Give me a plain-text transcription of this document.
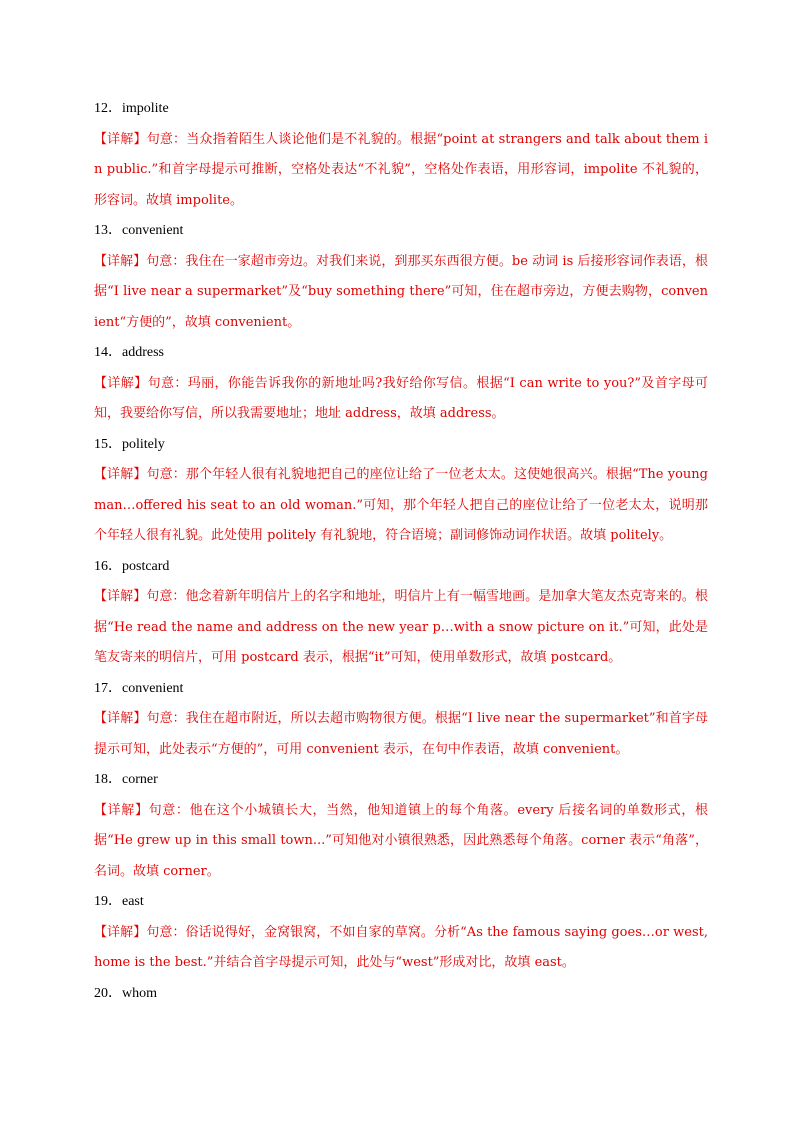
12．impolite

【详解】句意：当众指着陌生人谈论他们是不礼貌的。根据“point at strangers and talk about them in public.”和首字母提示可推断，空格处表达“不礼貌”，空格处作表语，用形容词，impolite 不礼貌的，形容词。故填 impolite。

13．convenient

【详解】句意：我住在一家超市旁边。对我们来说，到那买东西很方便。be 动词 is 后接形容词作表语，根据“I live near a supermarket”及“buy something there”可知，住在超市旁边，方便去购物，convenient“方便的”，故填 convenient。

14．address

【详解】句意：玛丽，你能告诉我你的新地址吗?我好给你写信。根据“I can write to you?”及首字母可知，我要给你写信，所以我需要地址；地址 address，故填 address。

15．politely

【详解】句意：那个年轻人很有礼貌地把自己的座位让给了一位老太太。这使她很高兴。根据“The young man…offered his seat to an old woman.”可知，那个年轻人把自己的座位让给了一位老太太，说明那个年轻人很有礼貌。此处使用 politely 有礼貌地，符合语境；副词修饰动词作状语。故填 politely。

16．postcard

【详解】句意：他念着新年明信片上的名字和地址，明信片上有一幅雪地画。是加拿大笔友杰克寄来的。根据“He read the name and address on the new year p…with a snow picture on it.”可知，此处是笔友寄来的明信片，可用 postcard 表示，根据“it”可知，使用单数形式，故填 postcard。

17．convenient

【详解】句意：我住在超市附近，所以去超市购物很方便。根据“I live near the supermarket”和首字母提示可知，此处表示“方便的”，可用 convenient 表示，在句中作表语，故填 convenient。

18．corner

【详解】句意：他在这个小城镇长大，当然，他知道镇上的每个角落。every 后接名词的单数形式，根据“He grew up in this small town...”可知他对小镇很熟悉，因此熟悉每个角落。corner 表示“角落”，名词。故填 corner。

19．east

【详解】句意：俗话说得好，金窝银窝，不如自家的草窝。分析“As the famous saying goes…or west, home is the best.”并结合首字母提示可知，此处与“west”形成对比，故填 east。

20．whom
